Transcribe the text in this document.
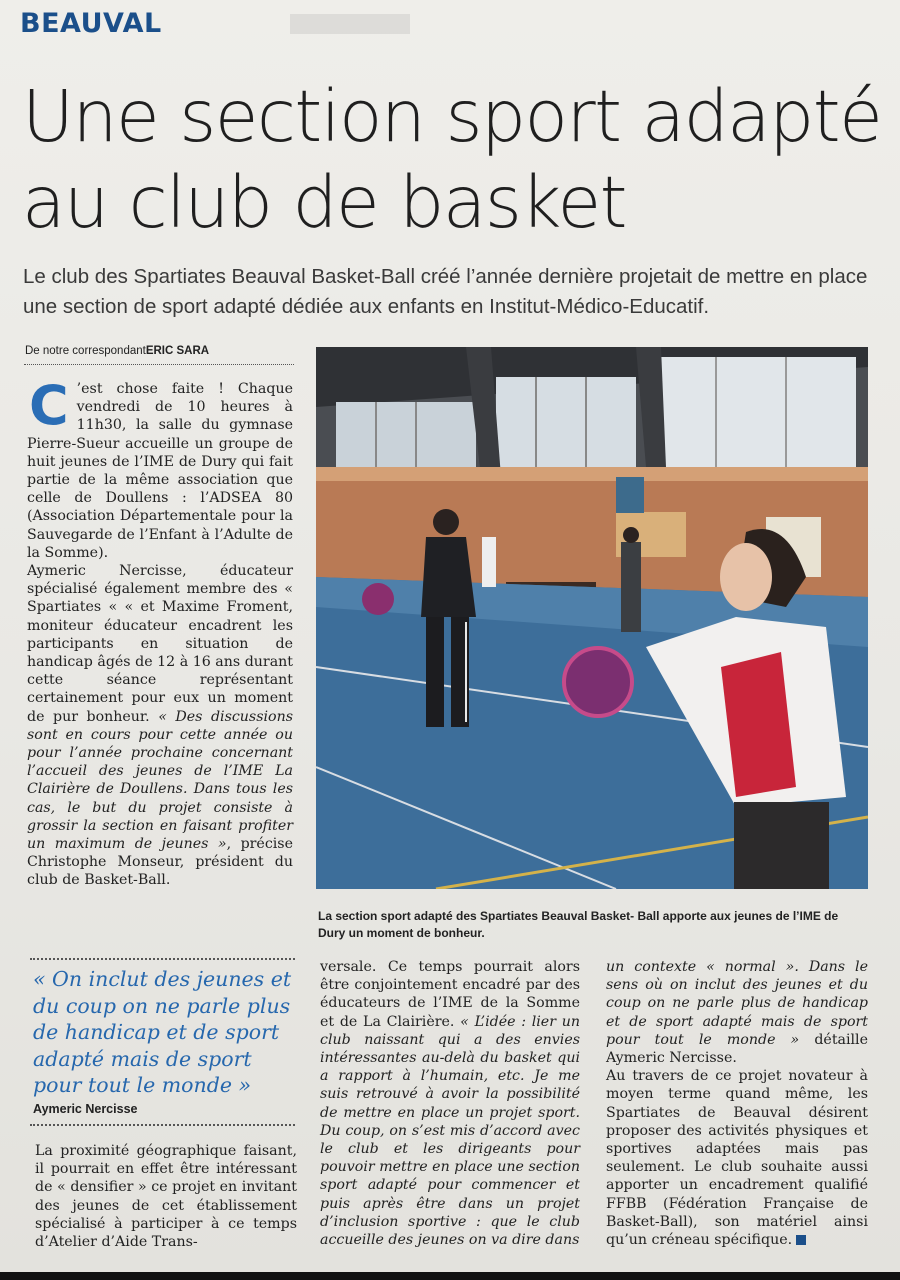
BEAUVAL
Une section sport adapté au club de basket

Le club des Spartiates Beauval Basket-Ball créé l’année dernière projetait de mettre en place une section de sport adapté dédiée aux enfants en Institut-Médico-Educatif.

De notre correspondantERIC SARA

C ’est chose faite ! Chaque vendredi de 10 heures à 11h30, la salle du gymnase Pierre-Sueur accueille un groupe de huit jeunes de l’IME de Dury qui fait partie de la même association que celle de Doullens : l’ADSEA 80 (Association Départementale pour la Sauvegarde de l’Enfant à l’Adulte de la Somme).

Aymeric Nercisse, éducateur spécialisé également membre des « Spartiates « « et Maxime Froment, moniteur éducateur encadrent les participants en situation de handicap âgés de 12 à 16 ans durant cette séance représentant certainement pour eux un moment de pur bonheur. « Des discussions sont en cours pour cette année ou pour l’année prochaine concernant l’accueil des jeunes de l’IME La Clairière de Doullens. Dans tous les cas, le but du projet consiste à grossir la section en faisant profiter un maximum de jeunes », précise Christophe Monseur, président du club de Basket-Ball.

La section sport adapté des Spartiates Beauval Basket- Ball apporte aux jeunes de l’IME de Dury un moment de bonheur.

« On inclut des jeunes et du coup on ne parle plus de handicap et de sport adapté mais de sport pour tout le monde »

Aymeric Nercisse

La proximité géographique faisant, il pourrait en effet être intéressant de « densifier » ce projet en invitant des jeunes de cet établissement spécialisé à participer à ce temps d’Atelier d’Aide Trans-

versale. Ce temps pourrait alors être conjointement encadré par des éducateurs de l’IME de la Somme et de La Clairière. « L’idée : lier un club naissant qui a des envies intéressantes au-delà du basket qui a rapport à l’humain, etc. Je me suis retrouvé à avoir la possibilité de mettre en place un projet sport. Du coup, on s’est mis d’accord avec le club et les dirigeants pour pouvoir mettre en place une section sport adapté pour commencer et puis après être dans un projet d’inclusion sportive : que le club accueille des jeunes on va dire dans

un contexte « normal ». Dans le sens où on inclut des jeunes et du coup on ne parle plus de handicap et de sport adapté mais de sport pour tout le monde » détaille Aymeric Nercisse.

Au travers de ce projet novateur à moyen terme quand même, les Spartiates de Beauval désirent proposer des activités physiques et sportives adaptées mais pas seulement. Le club souhaite aussi apporter un encadrement qualifié FFBB (Fédération Française de Basket-Ball), son matériel ainsi qu’un créneau spécifique.
